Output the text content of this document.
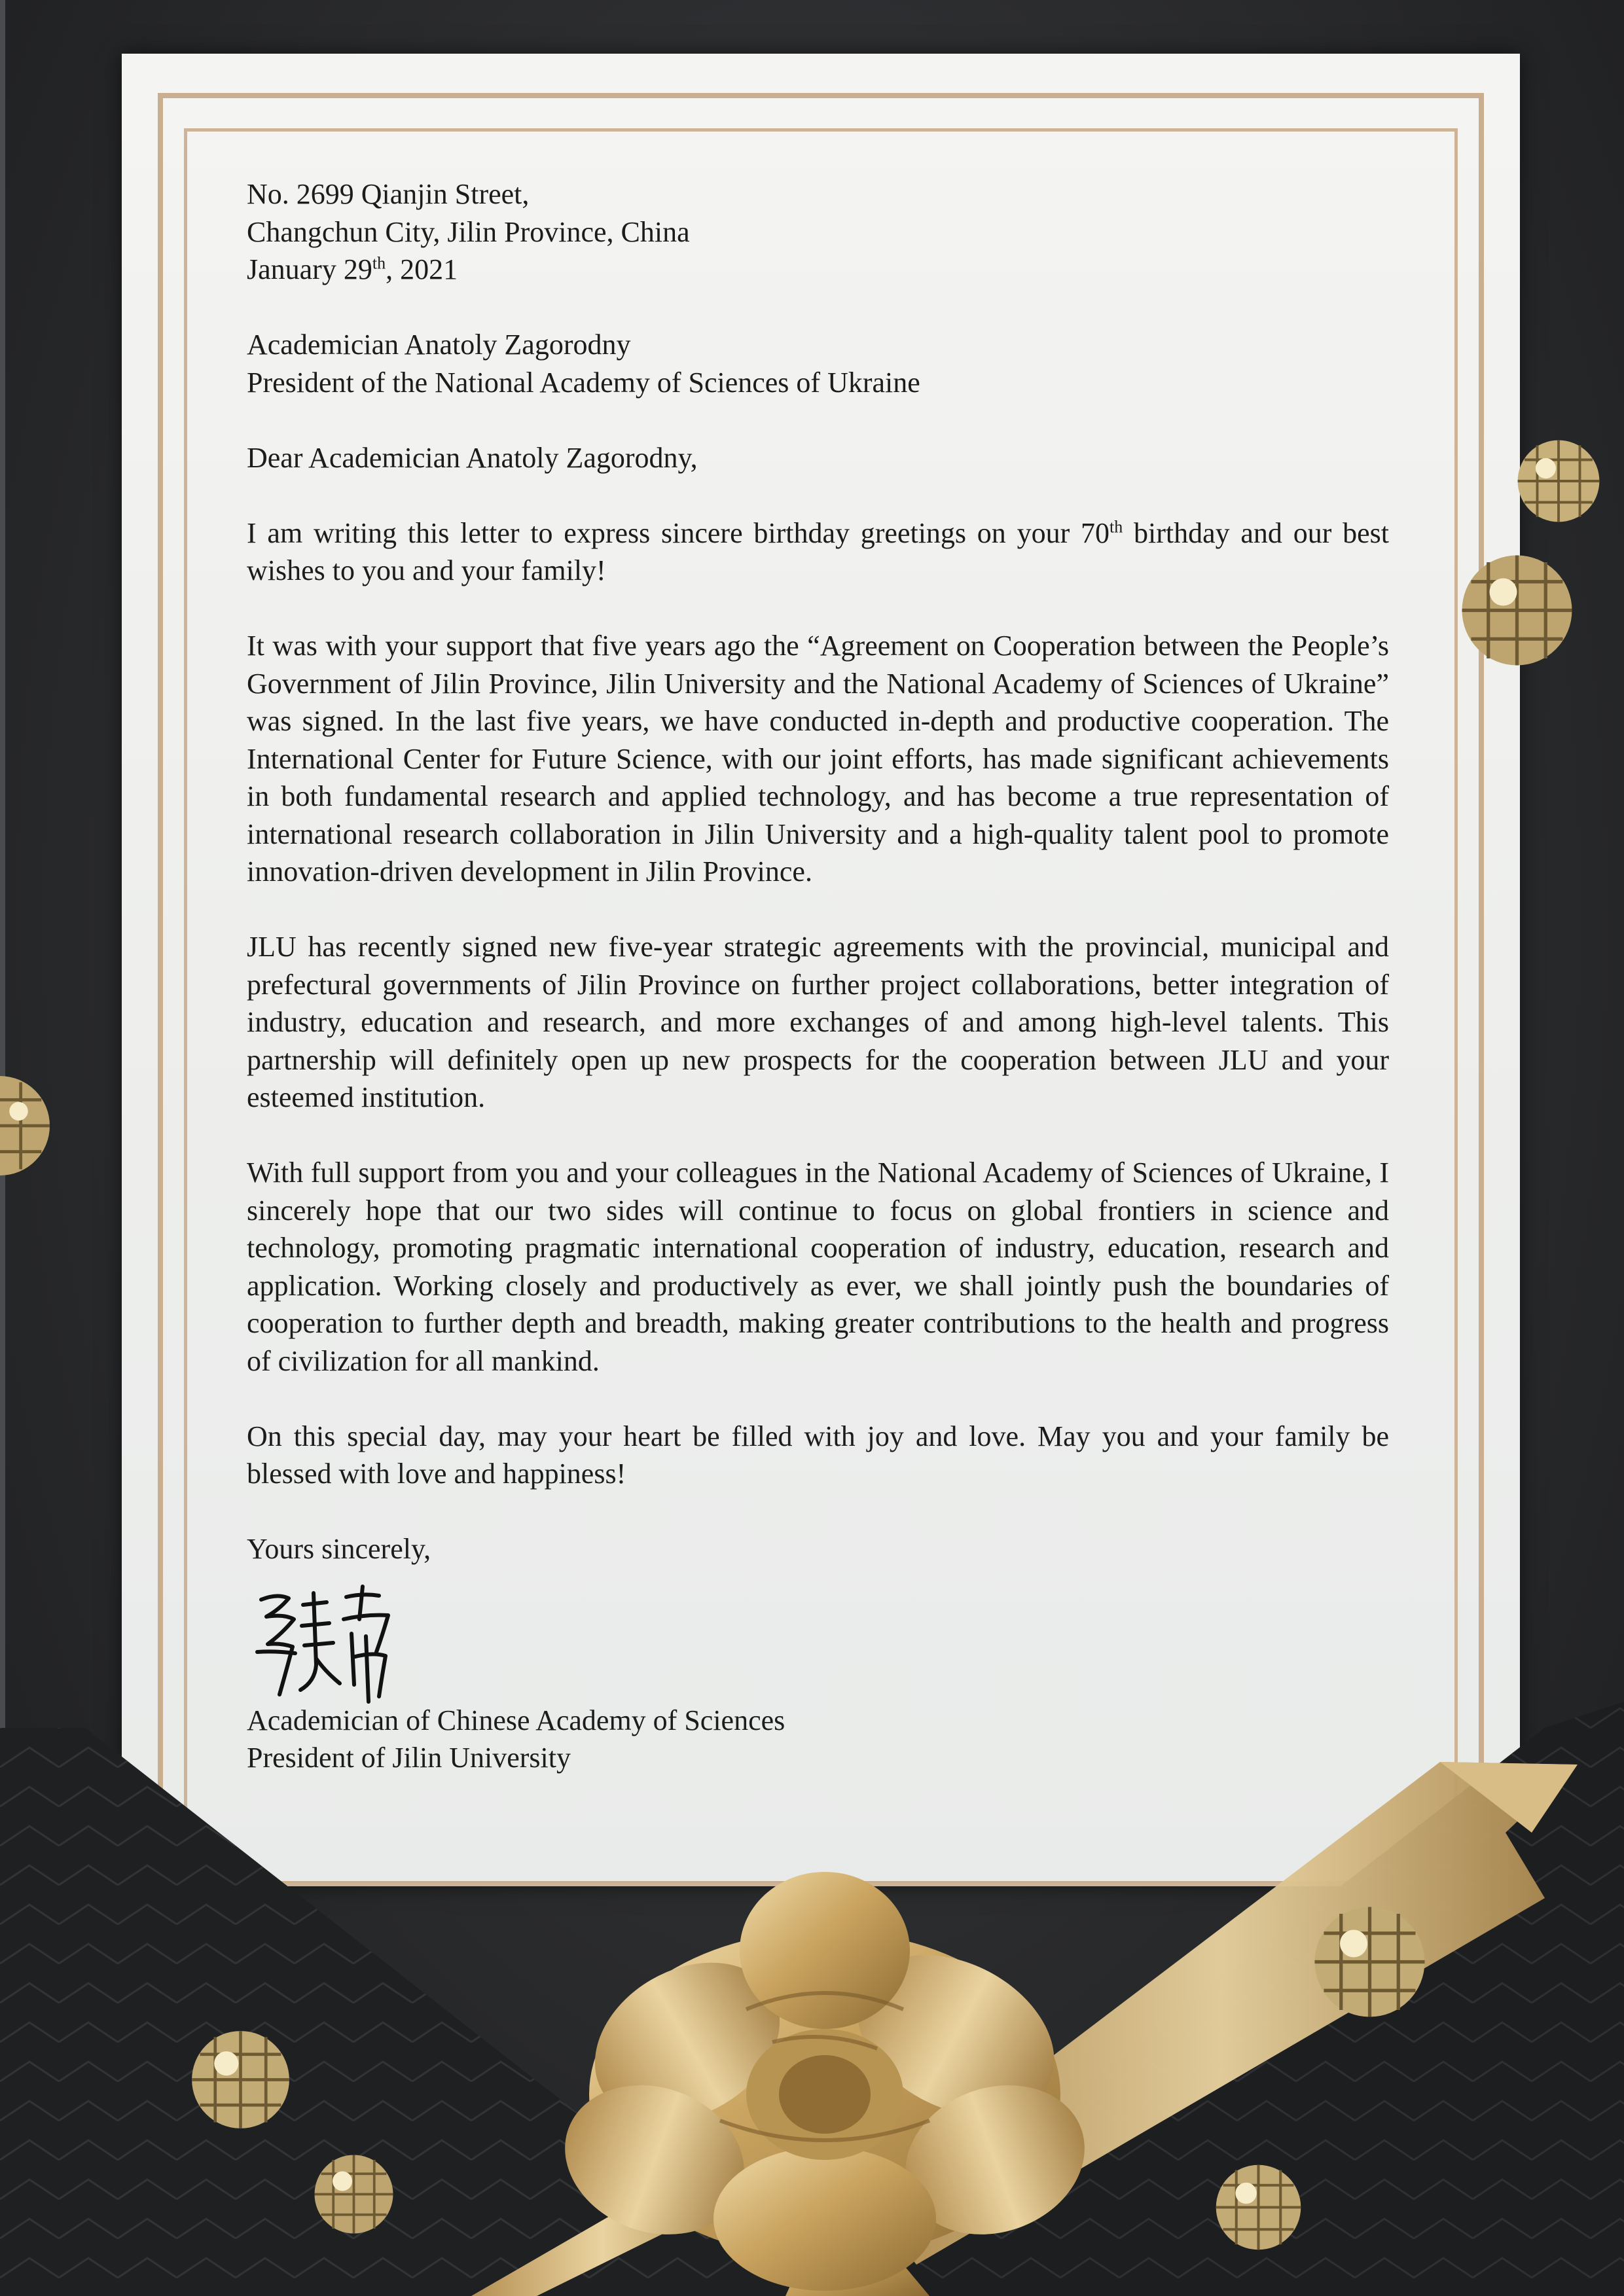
No. 2699 Qianjin Street,

Changchun City, Jilin Province, China

January 29th, 2021

Academician Anatoly Zagorodny

President of the National Academy of Sciences of Ukraine

Dear Academician Anatoly Zagorodny,

I am writing this letter to express sincere birthday greetings on your 70th birthday and our best wishes to you and your family!

It was with your support that five years ago the “Agreement on Cooperation between the People’s Government of Jilin Province, Jilin University and the National Academy of Sciences of Ukraine” was signed. In the last five years, we have conducted in-depth and productive cooperation. The International Center for Future Science, with our joint efforts, has made significant achievements in both fundamental research and applied technology, and has become a true representation of international research collaboration in Jilin University and a high-quality talent pool to promote innovation-driven development in Jilin Province.

JLU has recently signed new five-year strategic agreements with the provincial, municipal and prefectural governments of Jilin Province on further project collaborations, better integration of industry, education and research, and more exchanges of and among high-level talents. This partnership will definitely open up new prospects for the cooperation between JLU and your esteemed institution.

With full support from you and your colleagues in the National Academy of Sciences of Ukraine, I sincerely hope that our two sides will continue to focus on global frontiers in science and technology, promoting pragmatic international cooperation of industry, education, research and application. Working closely and productively as ever, we shall jointly push the boundaries of cooperation to further depth and breadth, making greater contributions to the health and progress of civilization for all mankind.

On this special day, may your heart be filled with joy and love. May you and your family be blessed with love and happiness!

Yours sincerely,

Academician of Chinese Academy of Sciences

President of Jilin University
